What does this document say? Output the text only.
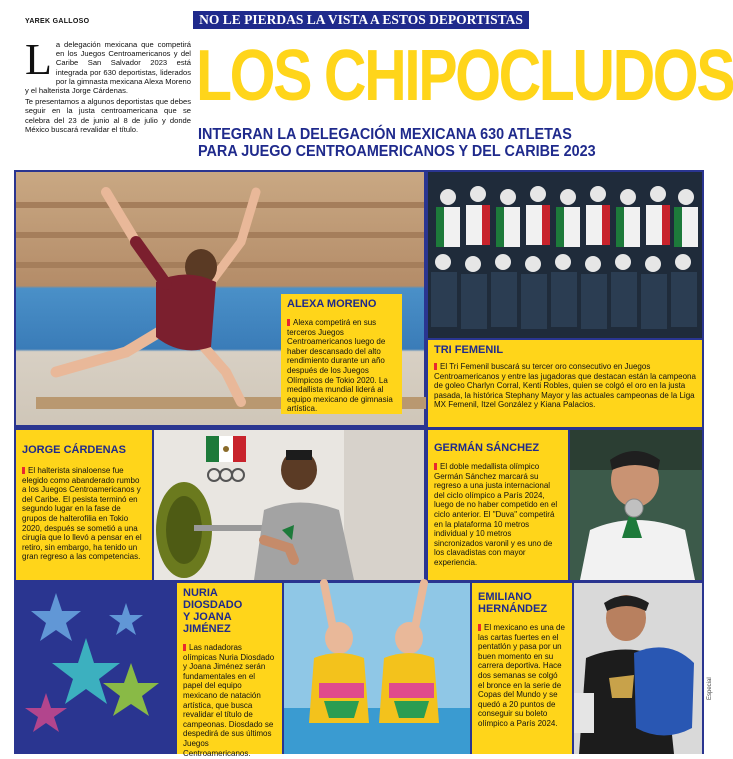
YAREK GALLOSO	NO LE PIERDAS LA VISTA A ESTOS DEPORTISTAS
L a delegación mexicana que competirá en los Juegos Centroamericanos y del Caribe San Salvador 2023 está integrada por 630 deportistas, liderados por la gimnasta mexicana Alexa Moreno y el halterista Jorge Cárdenas.

Te presentamos a algunos deportistas que debes seguir en la justa centroamericana que se celebra del 23 de junio al 8 de julio y donde México buscará revalidar el título.

LOS CHIPOCLUDOS
INTEGRAN LA DELEGACIÓN MEXICANA 630 ATLETAS
PARA JUEGO CENTROAMERICANOS Y DEL CARIBE 2023
ALEXA MORENO
Alexa competirá en sus terceros Juegos Centroamericanos luego de haber descansado del alto rendimiento durante un año después de los Juegos Olímpicos de Tokio 2020. La medallista mundial liderá al equipo mexicano de gimnasia artística.
TRI FEMENIL
El Tri Femenil buscará su tercer oro consecutivo en Juegos Centroamericanos y entre las jugadoras que destacan están la campeona de goleo Charlyn Corral, Kenti Robles, quien se colgó el oro en la justa pasada, la histórica Stephany Mayor y las actuales campeonas de la Liga MX Femenil, Itzel González y Kiana Palacios.
JORGE CÁRDENAS
El halterista sinaloense fue elegido como abanderado rumbo a los Juegos Centroamericanos y del Caribe. El pesista terminó en segundo lugar en la fase de grupos de halterofilia en Tokio 2020, después se sometió a una cirugía que lo llevó a pensar en el retiro, sin embargo, ha tenido un gran regreso a las competencias.
GERMÁN SÁNCHEZ
El doble medallista olímpico Germán Sánchez marcará su regreso a una justa internacional del ciclo olímpico a París 2024, luego de no haber competido en el ciclo anterior. El "Duva" competirá en la plataforma 10 metros individual y 10 metros sincronizados varonil y es uno de los clavadistas con mayor experiencia.
NURIA DIOSDADO
Y JOANA JIMÉNEZ
Las nadadoras olímpicas Nuria Diosdado y Joana Jiménez serán fundamentales en el papel del equipo mexicano de natación artística, que busca revalidar el título de campeonas. Diosdado se despedirá de sus últimos Juegos Centroamericanos.
EMILIANO
HERNÁNDEZ
El mexicano es una de las cartas fuertes en el pentatlón y pasa por un buen momento en su carrera deportiva. Hace dos semanas se colgó el bronce en la serie de Copas del Mundo y se quedó a 20 puntos de conseguir su boleto olímpico a París 2024.
Especial
